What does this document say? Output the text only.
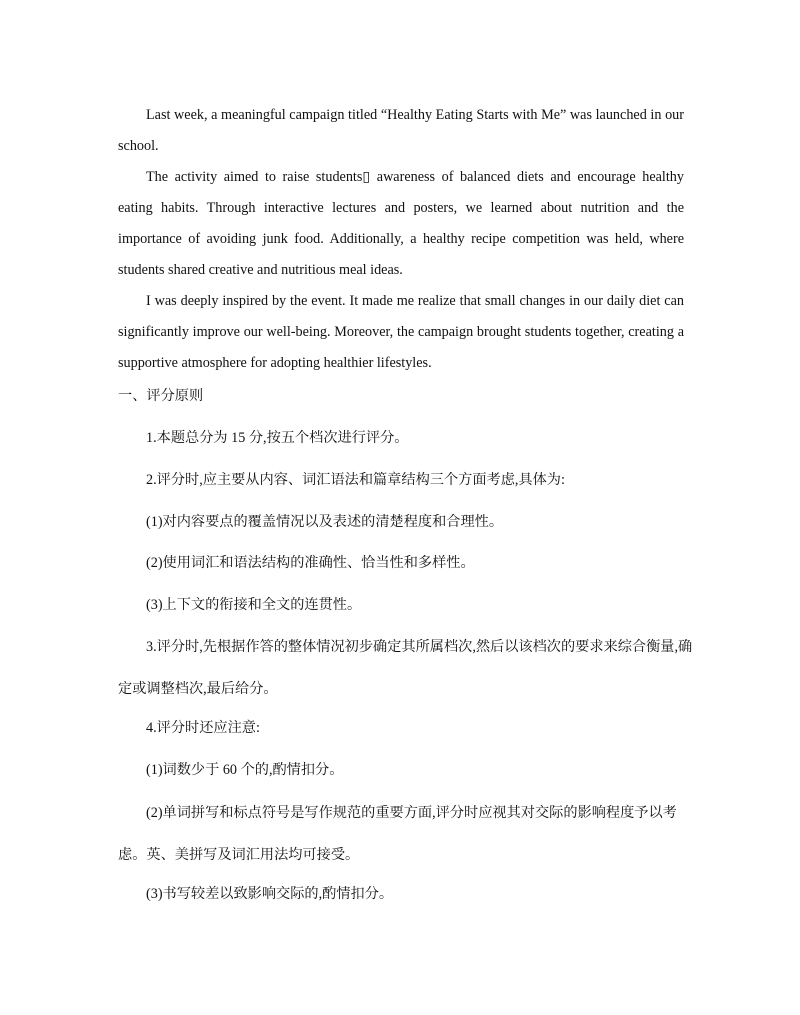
Last week, a meaningful campaign titled “Healthy Eating Starts with Me” was launched in our school.

The activity aimed to raise students▯ awareness of balanced diets and encourage healthy eating habits. Through interactive lectures and posters, we learned about nutrition and the importance of avoiding junk food. Additionally, a healthy recipe competition was held, where students shared creative and nutritious meal ideas.

I was deeply inspired by the event. It made me realize that small changes in our daily diet can significantly improve our well-being. Moreover, the campaign brought students together, creating a supportive atmosphere for adopting healthier lifestyles.

一、评分原则

1.本题总分为 15 分,按五个档次进行评分。

2.评分时,应主要从内容、词汇语法和篇章结构三个方面考虑,具体为:

(1)对内容要点的覆盖情况以及表述的清楚程度和合理性。

(2)使用词汇和语法结构的准确性、恰当性和多样性。

(3)上下文的衔接和全文的连贯性。

3.评分时,先根据作答的整体情况初步确定其所属档次,然后以该档次的要求来综合衡量,确定或调整档次,最后给分。

4.评分时还应注意:

(1)词数少于 60 个的,酌情扣分。

(2)单词拼写和标点符号是写作规范的重要方面,评分时应视其对交际的影响程度予以考虑。英、美拼写及词汇用法均可接受。

(3)书写较差以致影响交际的,酌情扣分。
